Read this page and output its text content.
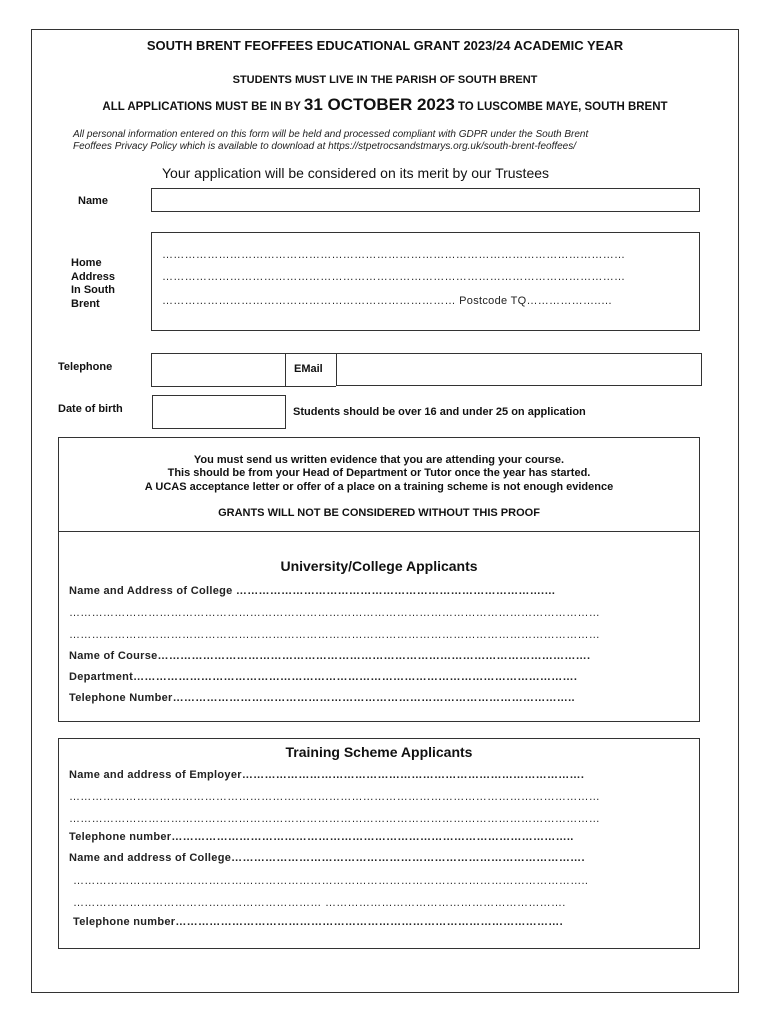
SOUTH BRENT FEOFFEES EDUCATIONAL GRANT 2023/24 ACADEMIC YEAR
STUDENTS MUST LIVE IN THE PARISH OF SOUTH BRENT
ALL APPLICATIONS MUST BE IN BY 31 OCTOBER 2023 TO LUSCOMBE MAYE, SOUTH BRENT
All personal information entered on this form will be held and processed compliant with GDPR under the South Brent
Feoffees Privacy Policy which is available to download at https://stpetrocsandstmarys.org.uk/south-brent-feoffees/
Your application will be considered on its merit by our Trustees
Name
Home
Address
In South
Brent
……………………………………………………………………………………………………………
……………………………………………………………………………………………………………
…………………………………………………………………… Postcode TQ………………..…
Telephone	EMail
Date of birth	Students should be over 16 and under 25 on application
You must send us written evidence that you are attending your course.
This should be from your Head of Department or Tutor once the year has started.
A UCAS acceptance letter or offer of a place on a training scheme is not enough evidence
GRANTS WILL NOT BE CONSIDERED WITHOUT THIS PROOF
University/College Applicants
Name and Address of College ……………………………………………………………………….…
……………………………………………………………………………………………………………………………
……………………………………………………………………………………………………………………………
Name of Course…………………………………………………………………………………………………….
Department……………………………………………………………………………………………………….
Telephone Number……………………………………………………………………………………………..
Training Scheme Applicants
Name and address of Employer……………………………………………………………………………….
……………………………………………………………………………………………………………………………
……………………………………………………………………………………………………………………………
Telephone number……………………………………………………………………………………………..
Name and address of College………………………………………………………………………………….
………………………………………………………………………………………………………………………..
………………………………………………………… ……………………………………………………….
Telephone number………………………………………………………………………………………….
